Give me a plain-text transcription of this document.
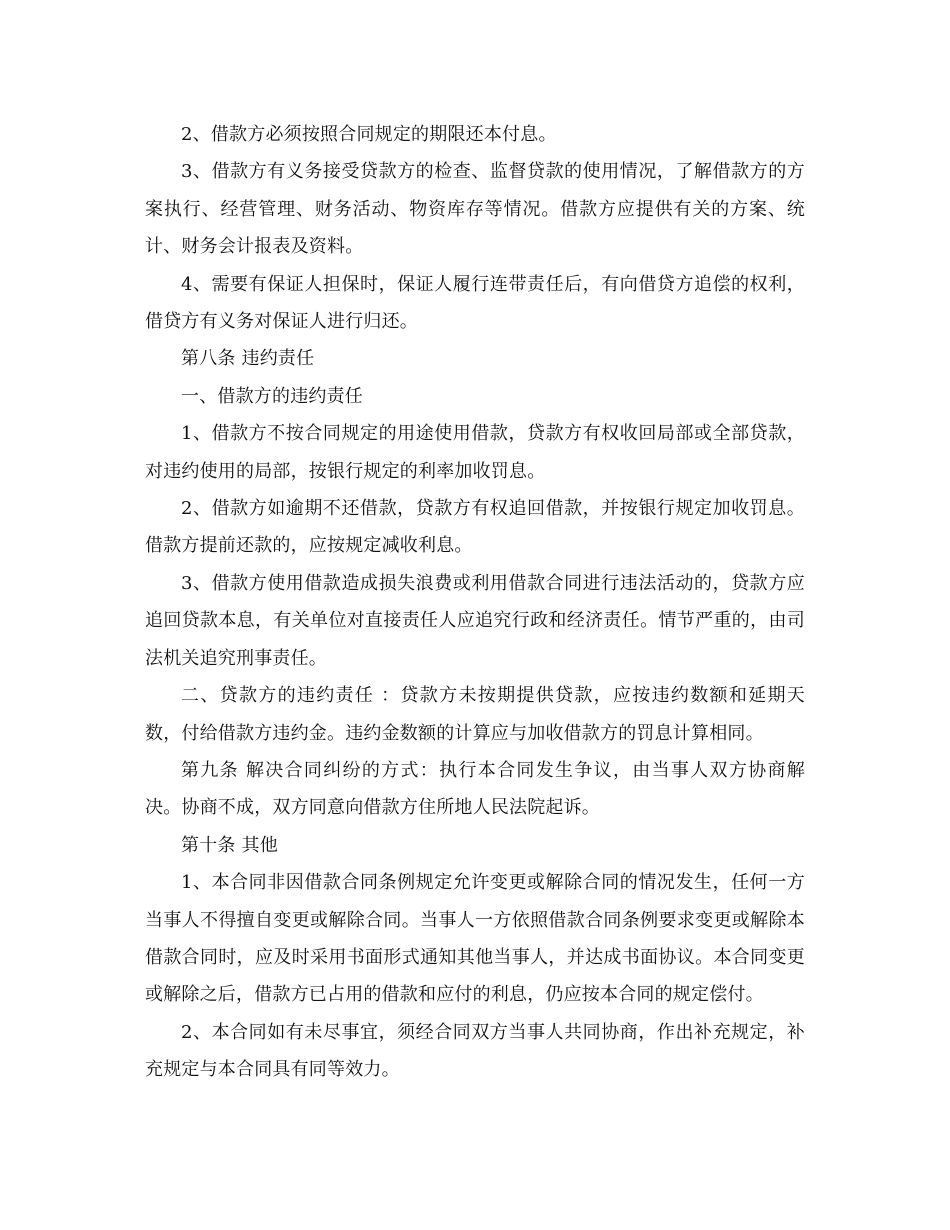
2、借款方必须按照合同规定的期限还本付息。

3、借款方有义务接受贷款方的检查、监督贷款的使用情况，了解借款方的方案执行、经营管理、财务活动、物资库存等情况。借款方应提供有关的方案、统计、财务会计报表及资料。

4、需要有保证人担保时，保证人履行连带责任后，有向借贷方追偿的权利，借贷方有义务对保证人进行归还。

第八条 违约责任

一、借款方的违约责任

1、借款方不按合同规定的用途使用借款，贷款方有权收回局部或全部贷款，对违约使用的局部，按银行规定的利率加收罚息。

2、借款方如逾期不还借款，贷款方有权追回借款，并按银行规定加收罚息。借款方提前还款的，应按规定减收利息。

3、借款方使用借款造成损失浪费或利用借款合同进行违法活动的，贷款方应追回贷款本息，有关单位对直接责任人应追究行政和经济责任。情节严重的，由司法机关追究刑事责任。

二、贷款方的违约责任 ：贷款方未按期提供贷款，应按违约数额和延期天数，付给借款方违约金。违约金数额的计算应与加收借款方的罚息计算相同。

第九条 解决合同纠纷的方式：执行本合同发生争议，由当事人双方协商解决。协商不成，双方同意向借款方住所地人民法院起诉。

第十条 其他

1、本合同非因借款合同条例规定允许变更或解除合同的情况发生，任何一方当事人不得擅自变更或解除合同。当事人一方依照借款合同条例要求变更或解除本借款合同时，应及时采用书面形式通知其他当事人，并达成书面协议。本合同变更或解除之后，借款方已占用的借款和应付的利息，仍应按本合同的规定偿付。

2、本合同如有未尽事宜，须经合同双方当事人共同协商，作出补充规定，补充规定与本合同具有同等效力。
